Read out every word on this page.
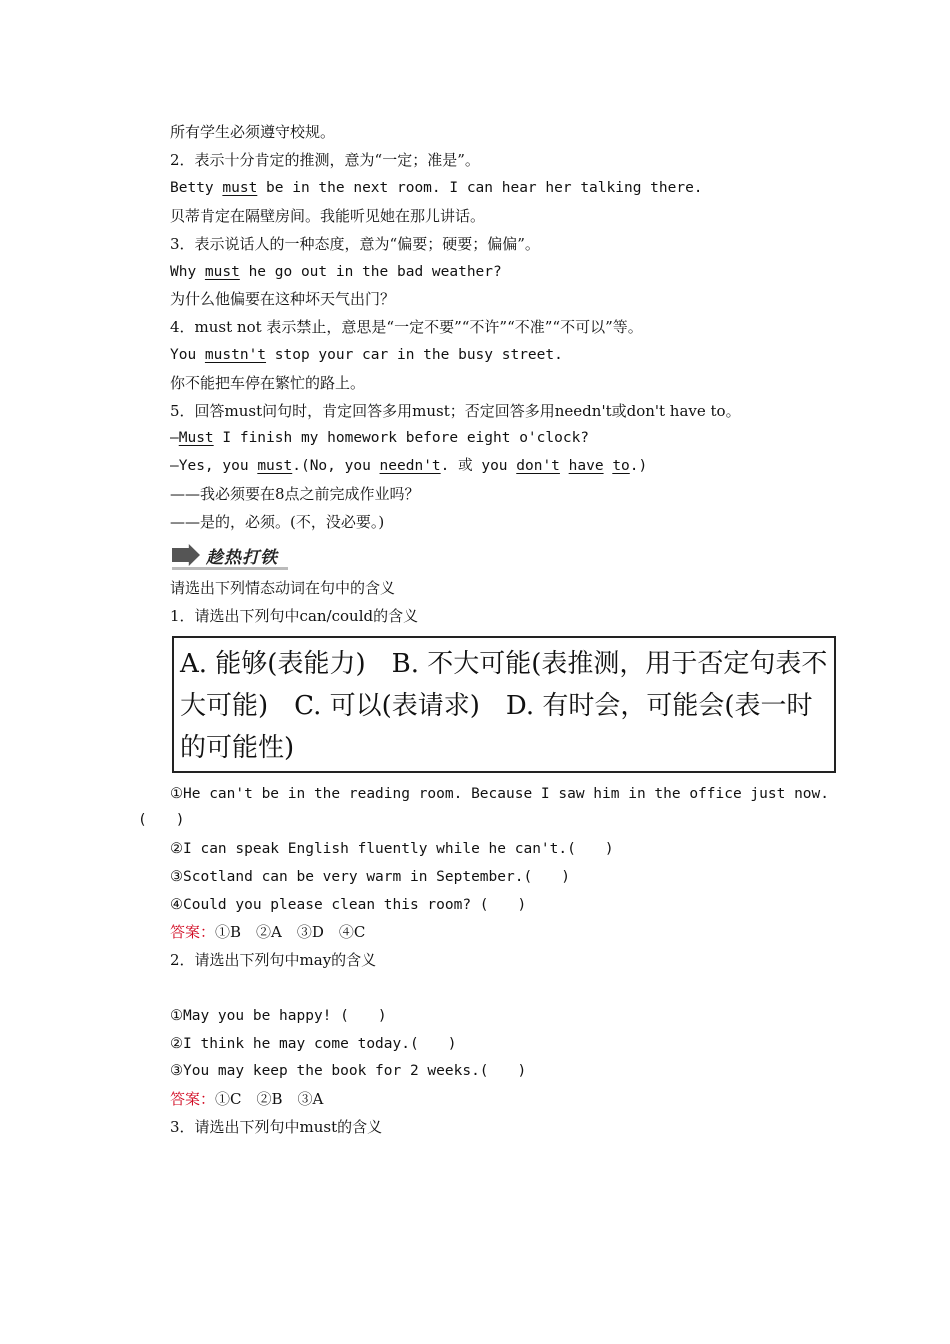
所有学生必须遵守校规。
2．表示十分肯定的推测，意为“一定；准是”。
Betty must be in the next room. I can hear her talking there.
贝蒂肯定在隔壁房间。我能听见她在那儿讲话。
3．表示说话人的一种态度，意为“偏要；硬要；偏偏”。
Why must he go out in the bad weather?
为什么他偏要在这种坏天气出门？
4．must not 表示禁止，意思是“一定不要”“不许”“不准”“不可以”等。
You mustn't stop your car in the busy street.
你不能把车停在繁忙的路上。
5．回答must问句时，肯定回答多用must；否定回答多用needn't或don't have to。
—Must I finish my homework before eight o'clock?
—Yes, you must.(No, you needn't. 或 you don't have to.)
——我必须要在8点之前完成作业吗？
——是的，必须。(不，没必要。)
趁热打铁
请选出下列情态动词在句中的含义
1．请选出下列句中can/could的含义
A. 能够(表能力)　B. 不大可能(表推测，用于否定句表不大可能)　C. 可以(表请求)　D. 有时会，可能会(表一时的可能性)
①He can't be in the reading room. Because I saw him in the office just now.
(　　)
②I can speak English fluently while he can't.(　　)
③Scotland can be very warm in September.(　　)
④Could you please clean this room? (　　)
答案：①B　②A　③D　④C
2．请选出下列句中may的含义
①May you be happy! (　　)
②I think he may come today.(　　)
③You may keep the book for 2 weeks.(　　)
答案：①C　②B　③A
3．请选出下列句中must的含义
